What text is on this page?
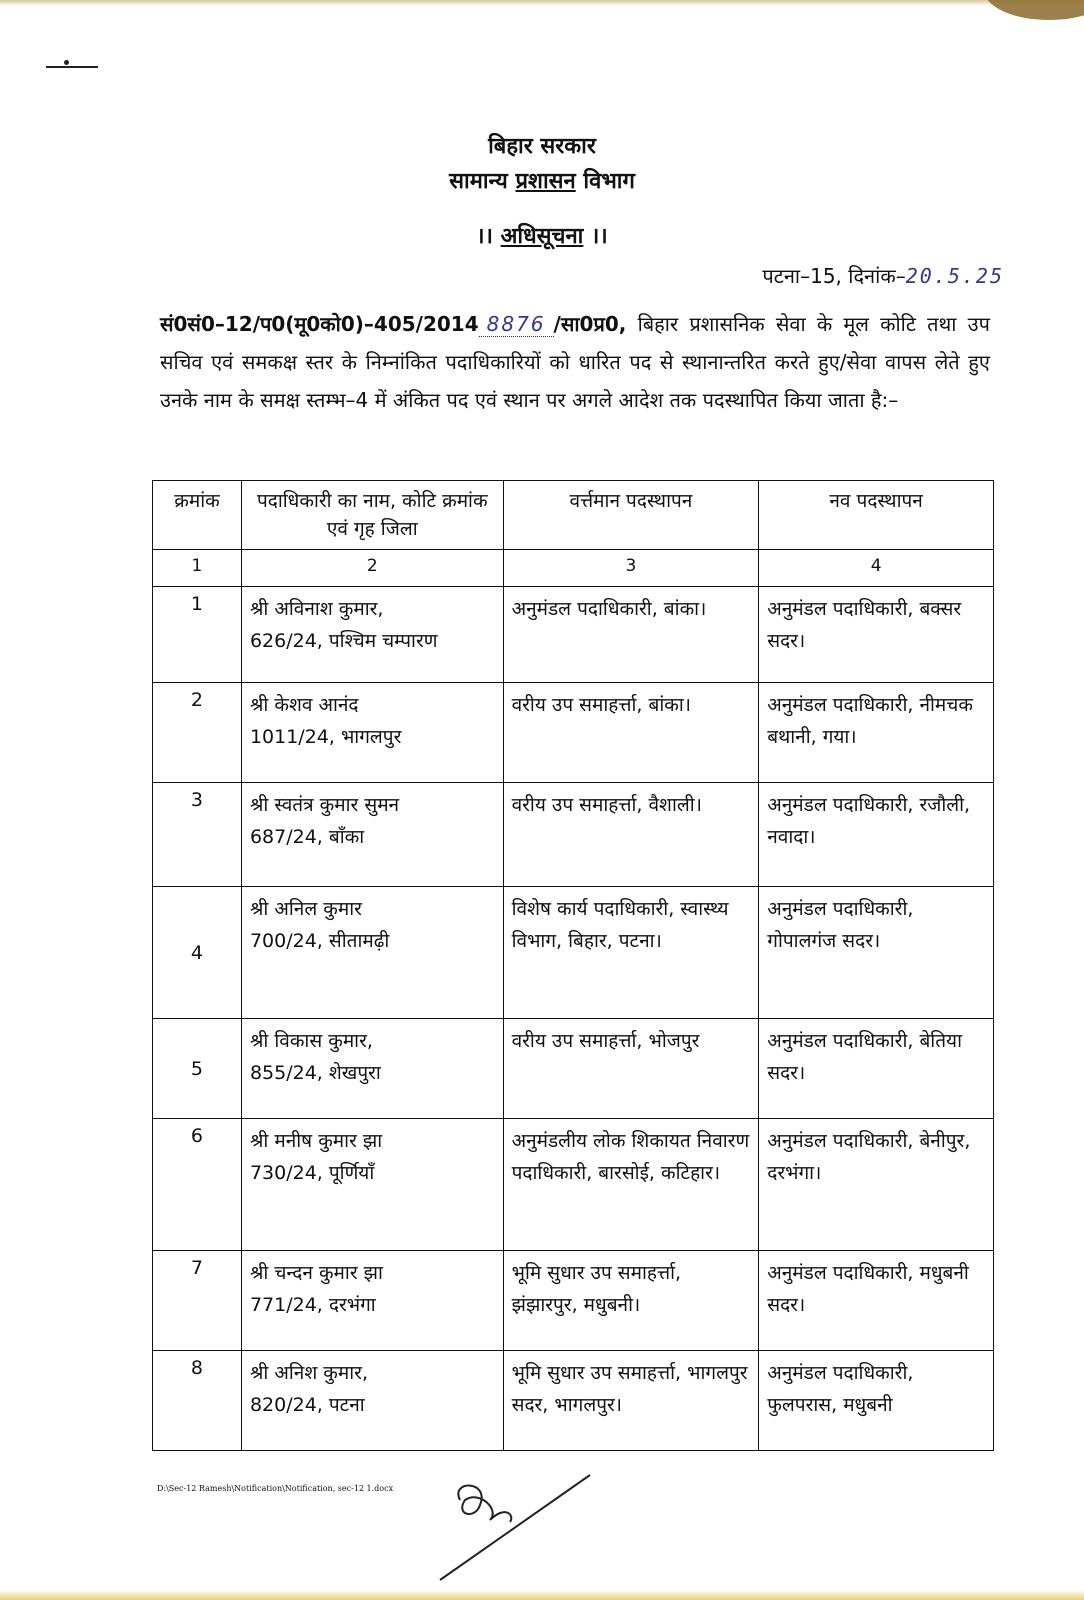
बिहार सरकार
सामान्य प्रशासन विभाग
।। अधिसूचना ।।
पटना–15, दिनांक–20.5.25
सं0सं0–12/प0(मू0को0)–405/2014 8876 /सा0प्र0, बिहार प्रशासनिक सेवा के मूल कोटि तथा उप सचिव एवं समकक्ष स्तर के निम्नांकित पदाधिकारियों को धारित पद से स्थानान्तरित करते हुए/सेवा वापस लेते हुए उनके नाम के समक्ष स्तम्भ–4 में अंकित पद एवं स्थान पर अगले आदेश तक पदस्थापित किया जाता है:–
क्रमांक	पदाधिकारी का नाम, कोटि क्रमांक एवं गृह जिला	वर्त्तमान पदस्थापन	नव पदस्थापन
1	2	3	4
1	श्री अविनाश कुमार,
626/24, पश्चिम चम्पारण	अनुमंडल पदाधिकारी, बांका।	अनुमंडल पदाधिकारी, बक्सर सदर।
2	श्री केशव आनंद
1011/24, भागलपुर	वरीय उप समाहर्त्ता, बांका।	अनुमंडल पदाधिकारी, नीमचक बथानी, गया।
3	श्री स्वतंत्र कुमार सुमन
687/24, बाँका	वरीय उप समाहर्त्ता, वैशाली।	अनुमंडल पदाधिकारी, रजौली, नवादा।
4	श्री अनिल कुमार
700/24, सीतामढ़ी	विशेष कार्य पदाधिकारी, स्वास्थ्य विभाग, बिहार, पटना।	अनुमंडल पदाधिकारी, गोपालगंज सदर।
5	श्री विकास कुमार,
855/24, शेखपुरा	वरीय उप समाहर्त्ता, भोजपुर	अनुमंडल पदाधिकारी, बेतिया सदर।
6	श्री मनीष कुमार झा
730/24, पूर्णियाँ	अनुमंडलीय लोक शिकायत निवारण पदाधिकारी, बारसोई, कटिहार।	अनुमंडल पदाधिकारी, बेनीपुर, दरभंगा।
7	श्री चन्दन कुमार झा
771/24, दरभंगा	भूमि सुधार उप समाहर्त्ता, झंझारपुर, मधुबनी।	अनुमंडल पदाधिकारी, मधुबनी सदर।
8	श्री अनिश कुमार,
820/24, पटना	भूमि सुधार उप समाहर्त्ता, भागलपुर सदर, भागलपुर।	अनुमंडल पदाधिकारी, फुलपरास, मधुबनी
D:\Sec-12 Ramesh\Notification\Notification, sec-12 1.docx
